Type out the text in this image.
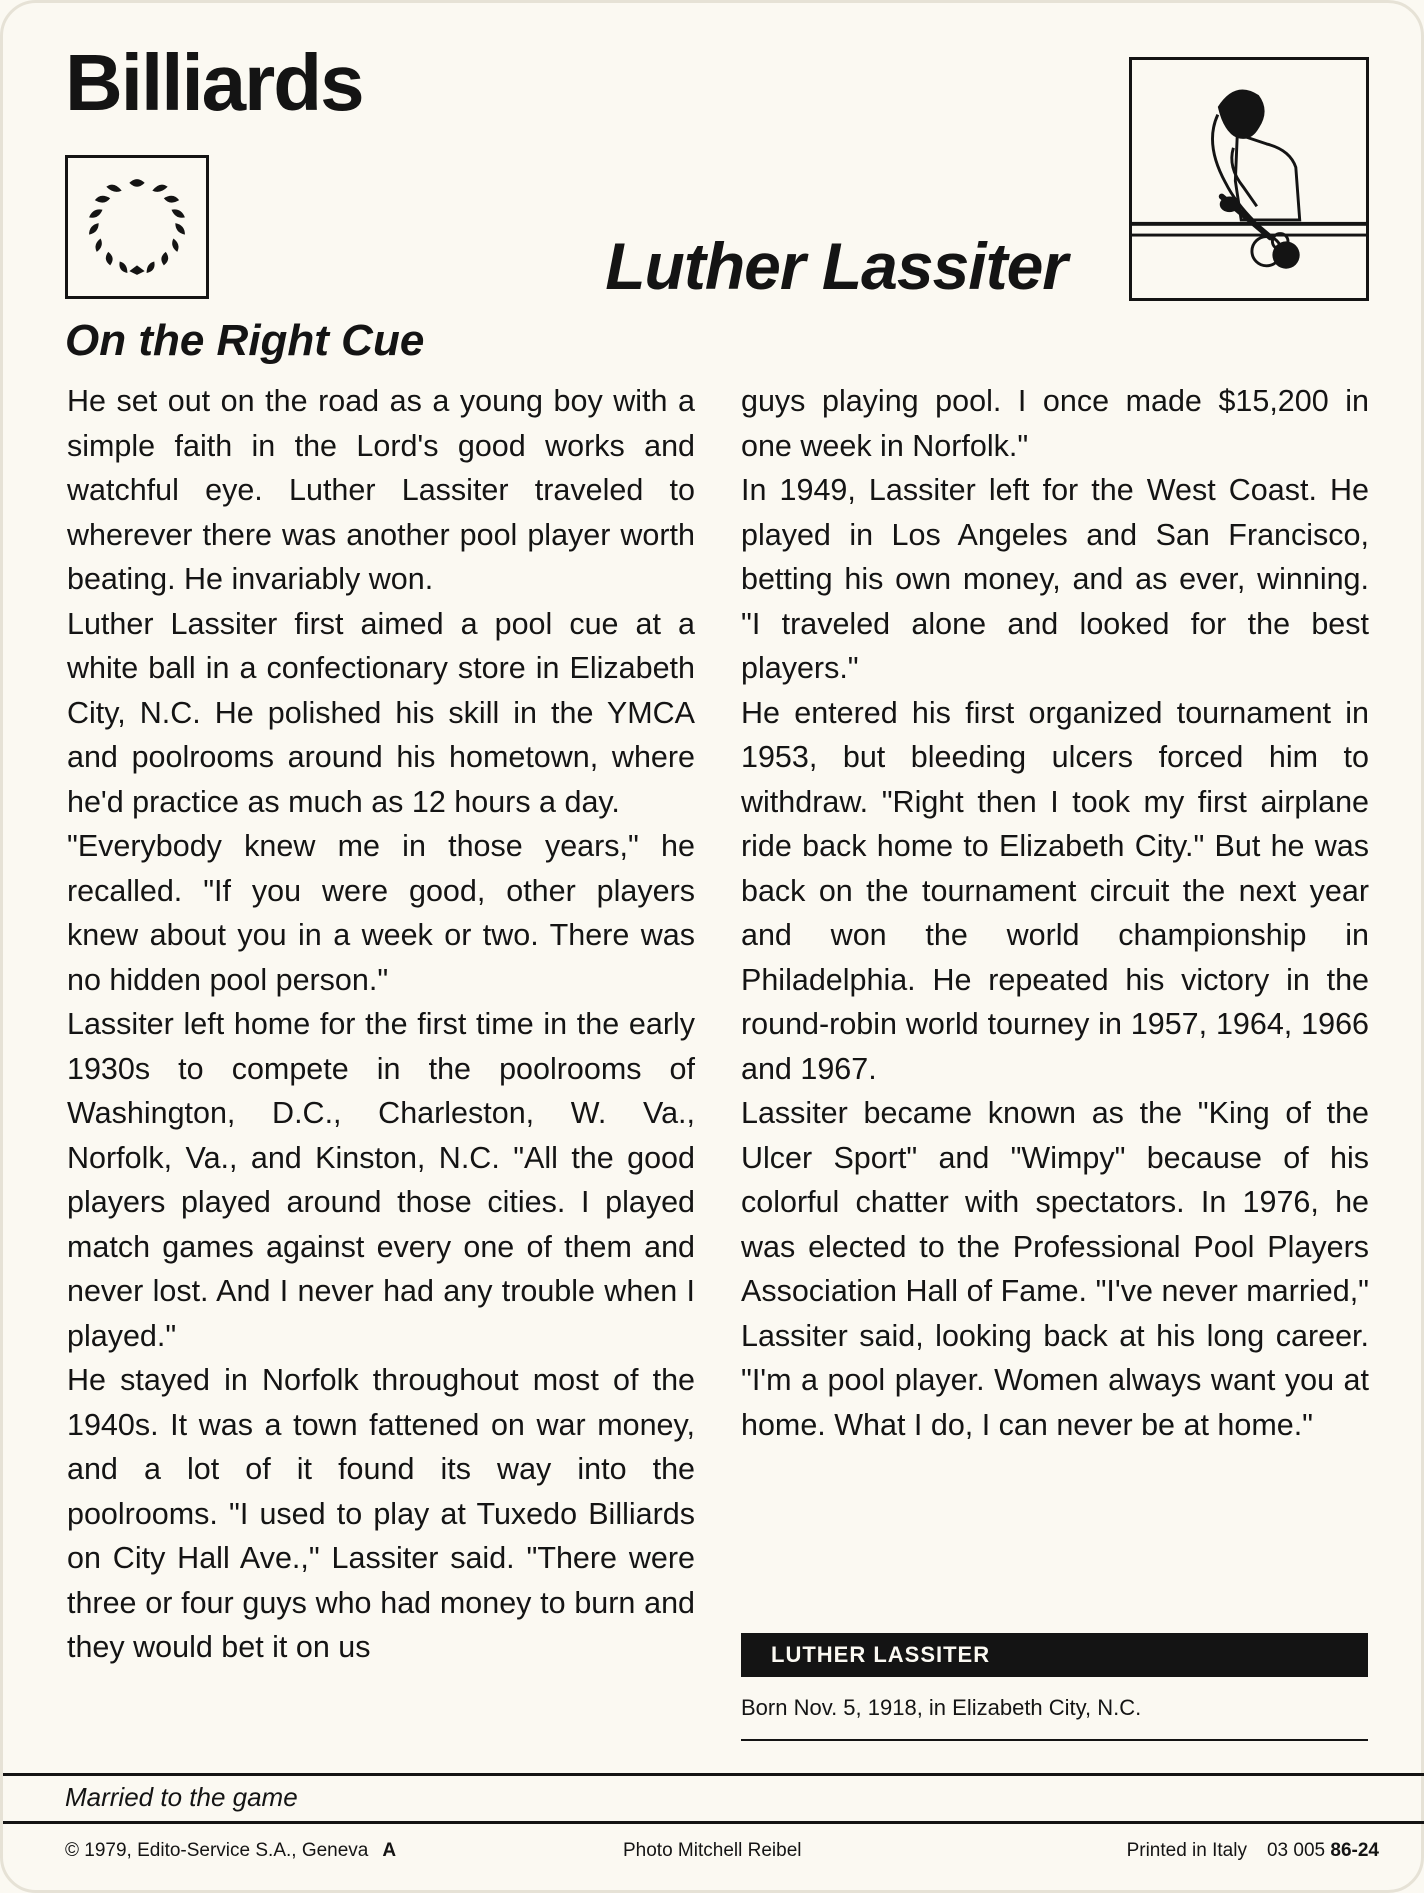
Billiards
Luther Lassiter
On the Right Cue

He set out on the road as a young boy with a simple faith in the Lord's good works and watchful eye. Luther Lassiter traveled to wherever there was another pool player worth beating. He invariably won.

Luther Lassiter first aimed a pool cue at a white ball in a confectionary store in Elizabeth City, N.C. He polished his skill in the YMCA and poolrooms around his hometown, where he'd practice as much as 12 hours a day.

"Everybody knew me in those years," he recalled. "If you were good, other players knew about you in a week or two. There was no hidden pool person."

Lassiter left home for the first time in the early 1930s to compete in the poolrooms of Washington, D.C., Charleston, W. Va., Norfolk, Va., and Kinston, N.C. "All the good players played around those cities. I played match games against every one of them and never lost. And I never had any trouble when I played."

He stayed in Norfolk throughout most of the 1940s. It was a town fattened on war money, and a lot of it found its way into the poolrooms. "I used to play at Tuxedo Billiards on City Hall Ave.," Lassiter said. "There were three or four guys who had money to burn and they would bet it on us

guys playing pool. I once made $15,200 in one week in Norfolk."

In 1949, Lassiter left for the West Coast. He played in Los Angeles and San Francisco, betting his own money, and as ever, winning. "I traveled alone and looked for the best players."

He entered his first organized tournament in 1953, but bleeding ulcers forced him to withdraw. "Right then I took my first airplane ride back home to Elizabeth City." But he was back on the tournament circuit the next year and won the world championship in Philadelphia. He repeated his victory in the round-robin world tourney in 1957, 1964, 1966 and 1967.

Lassiter became known as the "King of the Ulcer Sport" and "Wimpy" because of his colorful chatter with spectators. In 1976, he was elected to the Professional Pool Players Association Hall of Fame. "I've never married," Lassiter said, looking back at his long career. "I'm a pool player. Women always want you at home. What I do, I can never be at home."

LUTHER LASSITER
Born Nov. 5, 1918, in Elizabeth City, N.C.
Married to the game
© 1979, Edito-Service S.A., Geneva A	Photo Mitchell Reibel	Printed in Italy 03 005 86-24
